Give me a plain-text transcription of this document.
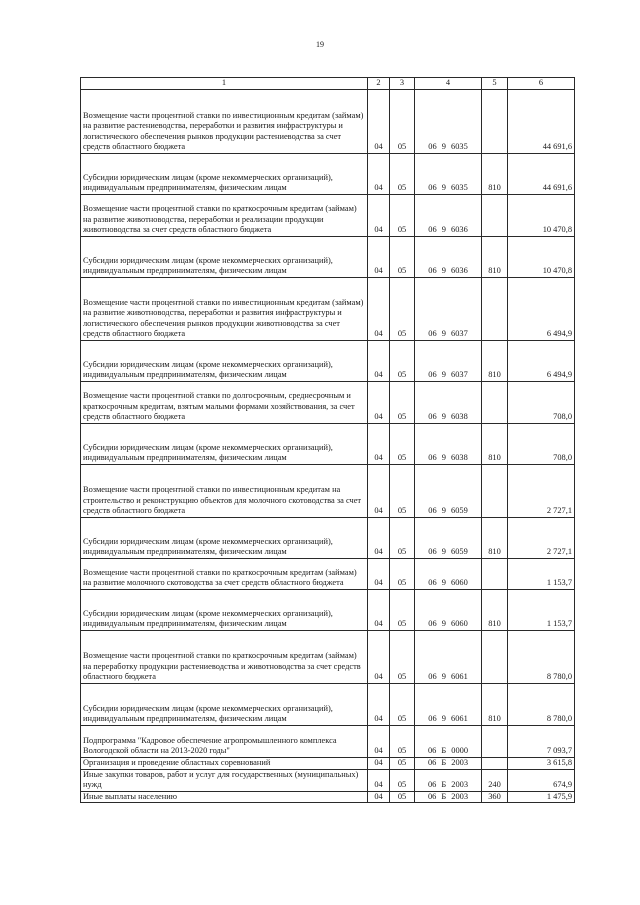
19
1	2	3	4	5	6
Возмещение части процентной ставки по инвестиционным кредитам (займам) на развитие растениеводства, переработки и развития инфраструктуры и логистического обеспечения рынков продукции растениеводства за счет средств областного бюджета	04	05	06 9 6035		44 691,6
Субсидии юридическим лицам (кроме некоммерческих организаций), индивидуальным предпринимателям, физическим лицам	04	05	06 9 6035	810	44 691,6
Возмещение части процентной ставки по краткосрочным кредитам (займам) на развитие животноводства, переработки и реализации продукции животноводства за счет средств областного бюджета	04	05	06 9 6036		10 470,8
Субсидии юридическим лицам (кроме некоммерческих организаций), индивидуальным предпринимателям, физическим лицам	04	05	06 9 6036	810	10 470,8
Возмещение части процентной ставки по инвестиционным кредитам (займам) на развитие животноводства, переработки и развития инфраструктуры и логистического обеспечения рынков продукции животноводства за счет средств областного бюджета	04	05	06 9 6037		6 494,9
Субсидии юридическим лицам (кроме некоммерческих организаций), индивидуальным предпринимателям, физическим лицам	04	05	06 9 6037	810	6 494,9
Возмещение части процентной ставки по долгосрочным, среднесрочным и краткосрочным кредитам, взятым малыми формами хозяйствования, за счет средств областного бюджета	04	05	06 9 6038		708,0
Субсидии юридическим лицам (кроме некоммерческих организаций), индивидуальным предпринимателям, физическим лицам	04	05	06 9 6038	810	708,0
Возмещение части процентной ставки по инвестиционным кредитам на строительство и реконструкцию объектов для молочного скотоводства за счет средств областного бюджета	04	05	06 9 6059		2 727,1
Субсидии юридическим лицам (кроме некоммерческих организаций), индивидуальным предпринимателям, физическим лицам	04	05	06 9 6059	810	2 727,1
Возмещение части процентной ставки по краткосрочным кредитам (займам) на развитие молочного скотоводства за счет средств областного бюджета	04	05	06 9 6060		1 153,7
Субсидии юридическим лицам (кроме некоммерческих организаций), индивидуальным предпринимателям, физическим лицам	04	05	06 9 6060	810	1 153,7
Возмещение части процентной ставки по краткосрочным кредитам (займам) на переработку продукции растениеводства и животноводства за счет средств областного бюджета	04	05	06 9 6061		8 780,0
Субсидии юридическим лицам (кроме некоммерческих организаций), индивидуальным предпринимателям, физическим лицам	04	05	06 9 6061	810	8 780,0
Подпрограмма "Кадровое обеспечение агропромышленного комплекса Вологодской области на 2013-2020 годы"	04	05	06 Б 0000		7 093,7
Организация и проведение областных соревнований	04	05	06 Б 2003		3 615,8
Иные закупки товаров, работ и услуг для государственных (муниципальных) нужд	04	05	06 Б 2003	240	674,9
Иные выплаты населению	04	05	06 Б 2003	360	1 475,9
